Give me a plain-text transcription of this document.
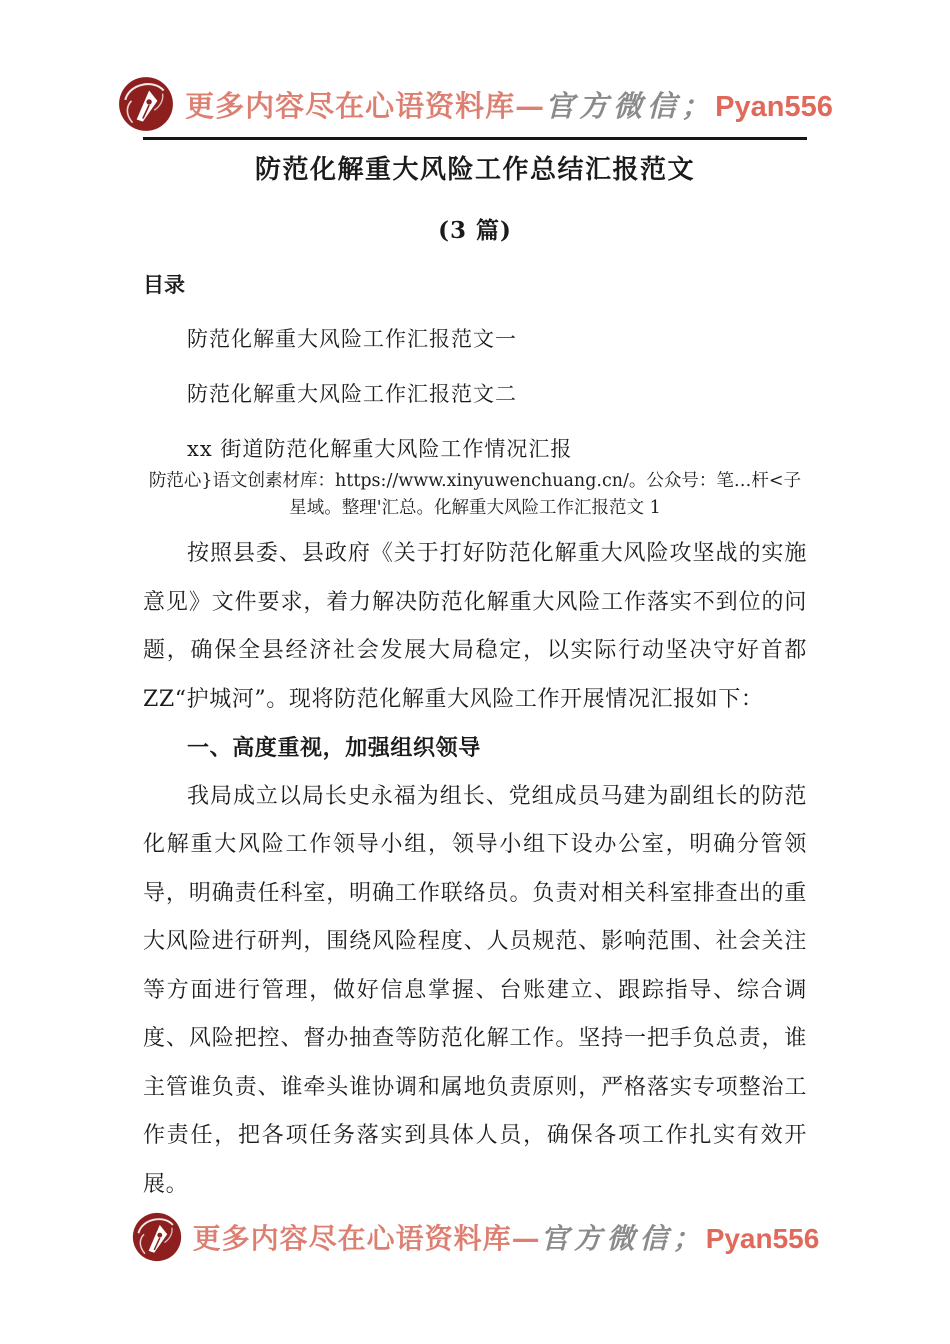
更多内容尽在心语资料库—官方微信；Pyan556
防范化解重大风险工作总结汇报范文
(3 篇)
目录
防范化解重大风险工作汇报范文一
防范化解重大风险工作汇报范文二
xx 街道防范化解重大风险工作情况汇报
防范心}语文创素材库：https://www.xinyuwenchuang.cn/。公众号：笔…杆<子
星域。整理'汇总。化解重大风险工作汇报范文 1

按照县委、县政府《关于打好防范化解重大风险攻坚战的实施意见》文件要求，着力解决防范化解重大风险工作落实不到位的问题，确保全县经济社会发展大局稳定，以实际行动坚决守好首都ZZ“护城河”。现将防范化解重大风险工作开展情况汇报如下：

一、高度重视，加强组织领导

我局成立以局长史永福为组长、党组成员马建为副组长的防范化解重大风险工作领导小组，领导小组下设办公室，明确分管领导，明确责任科室，明确工作联络员。负责对相关科室排查出的重大风险进行研判，围绕风险程度、人员规范、影响范围、社会关注等方面进行管理，做好信息掌握、台账建立、跟踪指导、综合调度、风险把控、督办抽查等防范化解工作。坚持一把手负总责，谁主管谁负责、谁牵头谁协调和属地负责原则，严格落实专项整治工作责任，把各项任务落实到具体人员，确保各项工作扎实有效开展。

更多内容尽在心语资料库—官方微信；Pyan556
